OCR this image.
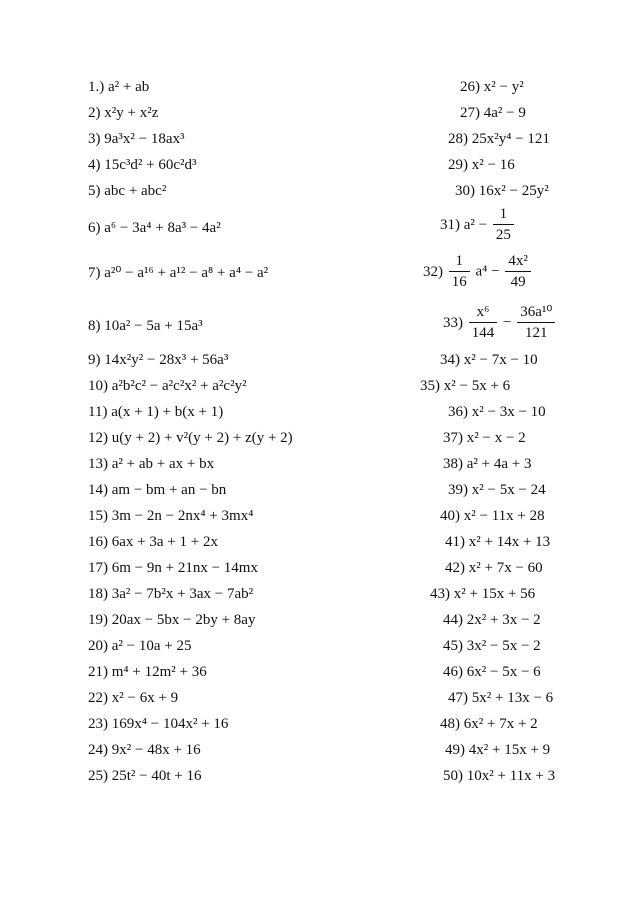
1.) a² + ab
2) x²y + x²z
3) 9a³x² − 18ax³
4) 15c³d² + 60c²d³
5) abc + abc²
6) a⁶ − 3a⁴ + 8a³ − 4a²
7) a²⁰ − a¹⁶ + a¹² − a⁸ + a⁴ − a²
8) 10a² − 5a + 15a³
9) 14x²y² − 28x³ + 56a³
10) a²b²c² − a²c²x² + a²c²y²
11) a(x + 1) + b(x + 1)
12) u(y + 2) + v²(y + 2) + z(y + 2)
13) a² + ab + ax + bx
14) am − bm + an − bn
15) 3m − 2n − 2nx⁴ + 3mx⁴
16) 6ax + 3a + 1 + 2x
17) 6m − 9n + 21nx − 14mx
18) 3a² − 7b²x + 3ax − 7ab²
19) 20ax − 5bx − 2by + 8ay
20) a² − 10a + 25
21) m⁴ + 12m² + 36
22) x² − 6x + 9
23) 169x⁴ − 104x² + 16
24) 9x² − 48x + 16
25) 25t² − 40t + 16
26) x² − y²
27) 4a² − 9
28) 25x²y⁴ − 121
29) x² − 16
30) 16x² − 25y²
31) $a^2 - \frac{1}{25}$
$32) \frac{1}{16} a^4 - \frac{\text{4x²}}{49}$
$33) \frac{\text{x⁶}}{144} - \frac{\text{36a¹⁰}}{121}$
34) x² − 7x − 10
35) x² − 5x + 6
36) x² − 3x − 10
37) x² − x − 2
38) a² + 4a + 3
39) x² − 5x − 24
40) x² − 11x + 28
41) x² + 14x + 13
42) x² + 7x − 60
43) x² + 15x + 56
44) 2x² + 3x − 2
45) 3x² − 5x − 2
46) 6x² − 5x − 6
47) 5x² + 13x − 6
48) 6x² + 7x + 2
49) 4x² + 15x + 9
50) 10x² + 11x + 3
